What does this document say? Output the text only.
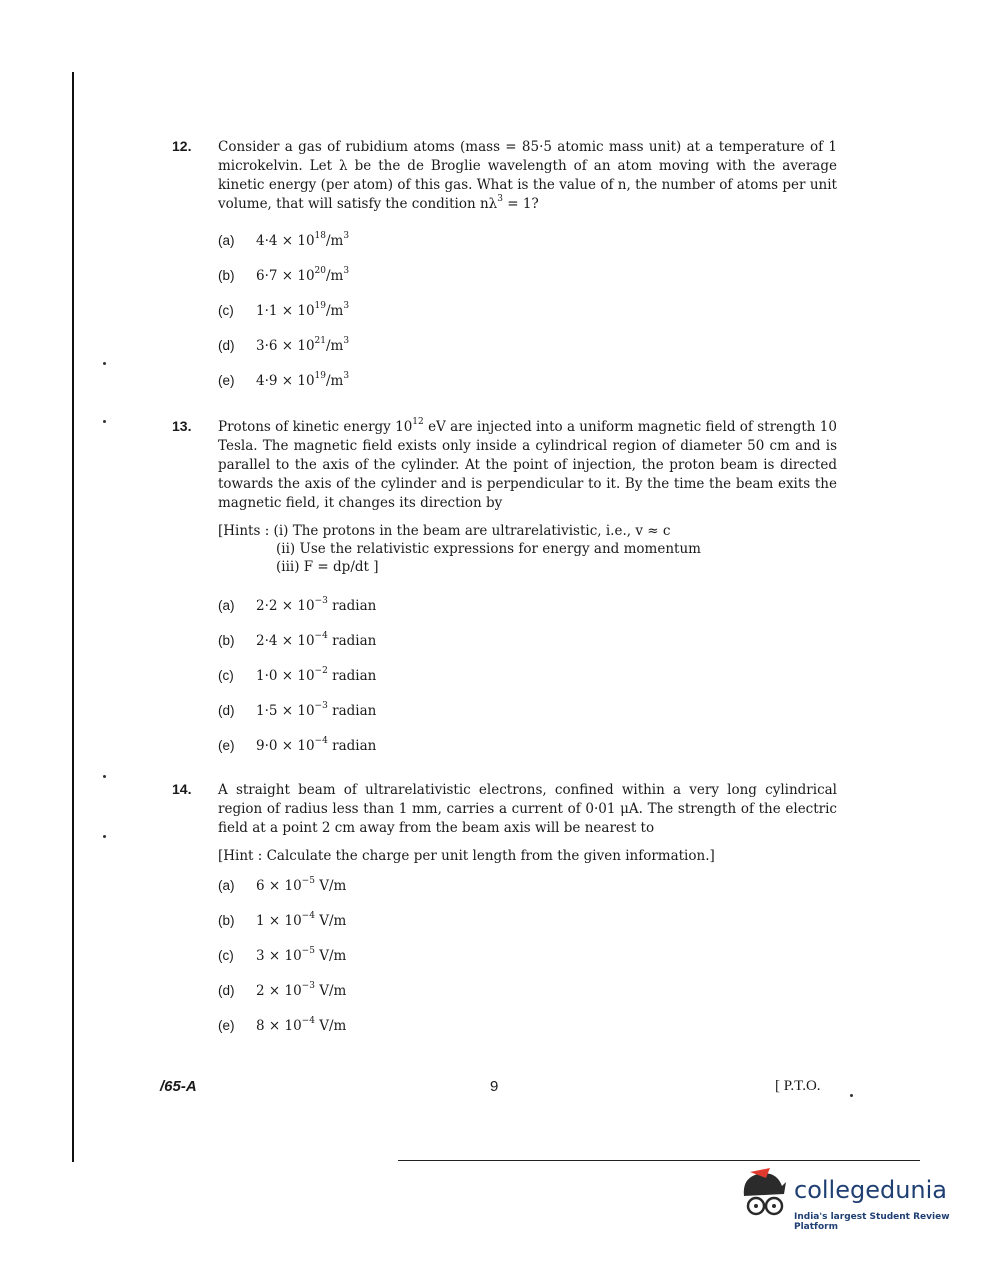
12. Consider a gas of rubidium atoms (mass = 85·5 atomic mass unit) at a temperature of 1 microkelvin. Let λ be the de Broglie wavelength of an atom moving with the average kinetic energy (per atom) of this gas. What is the value of n, the number of atoms per unit volume, that will satisfy the condition $n\lambda^3 = 1$?
(a) $4\cdot 4 \times 10^{18}/m^3$
(b) $6\cdot 7 \times 10^{20}/m^3$
(c) $1\cdot 1 \times 10^{19}/m^3$
(d) $3\cdot 6 \times 10^{21}/m^3$
(e) $4\cdot 9 \times 10^{19}/m^3$
13. Protons of kinetic energy $10^{12}$ eV are injected into a uniform magnetic field of strength 10 Tesla. The magnetic field exists only inside a cylindrical region of diameter 50 cm and is parallel to the axis of the cylinder. At the point of injection, the proton beam is directed towards the axis of the cylinder and is perpendicular to it. By the time the beam exits the magnetic field, it changes its direction by
[Hints : (i) The protons in the beam are ultrarelativistic, i.e., v ≈ c
(ii) Use the relativistic expressions for energy and momentum
(iii) F = dp/dt ]
(a) $2\cdot 2 \times 10^{-3}$ radian
(b) $2\cdot 4 \times 10^{-4}$ radian
(c) $1\cdot 0 \times 10^{-2}$ radian
(d) $1\cdot 5 \times 10^{-3}$ radian
(e) $9\cdot 0 \times 10^{-4}$ radian
14. A straight beam of ultrarelativistic electrons, confined within a very long cylindrical region of radius less than 1 mm, carries a current of 0·01 μA. The strength of the electric field at a point 2 cm away from the beam axis will be nearest to
[Hint : Calculate the charge per unit length from the given information.]
(a) $6 \times 10^{-5}$ V/m
(b) $1 \times 10^{-4}$ V/m
(c) $3 \times 10^{-5}$ V/m
(d) $2 \times 10^{-3}$ V/m
(e) $8 \times 10^{-4}$ V/m
/65-A	9	[ P.T.O.
collegedunia
India's largest Student Review Platform
